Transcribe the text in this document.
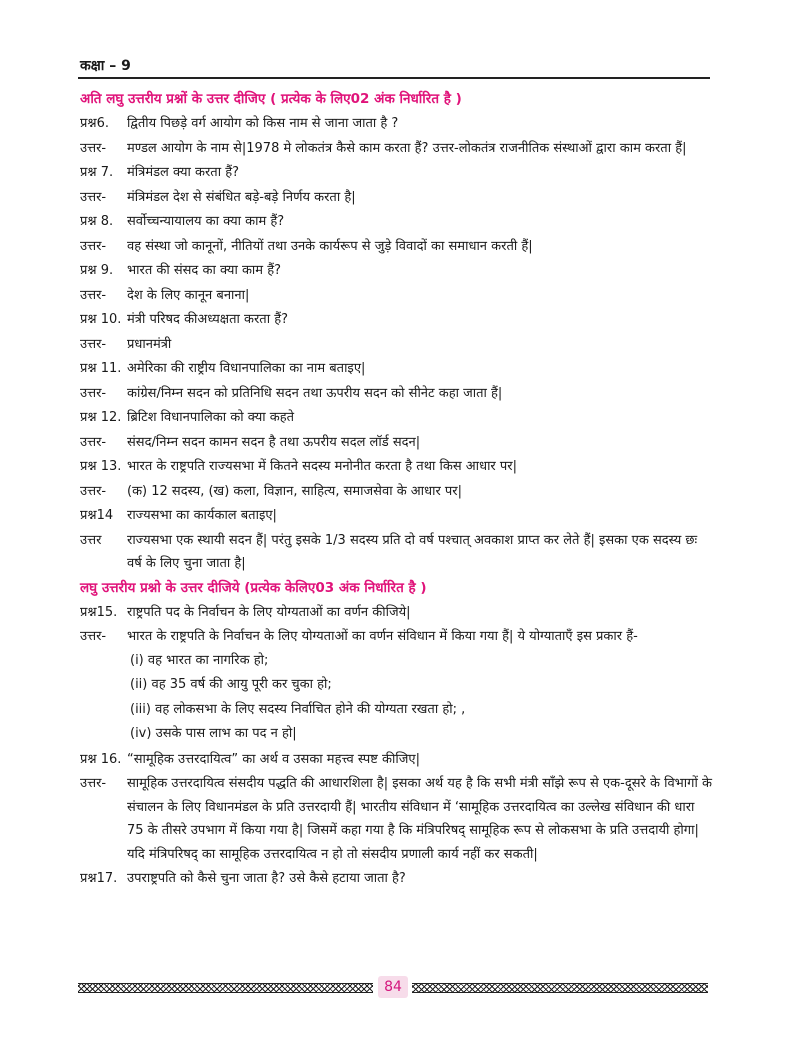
कक्षा – 9
अति लघु उत्तरीय प्रश्नों के उत्तर दीजिए ( प्रत्येक के लिए02 अंक निर्धारित है )
प्रश्न6.	द्वितीय पिछड़े वर्ग आयोग को किस नाम से जाना जाता है ?
उत्तर-	मण्डल आयोग के नाम से|1978 मे लोकतंत्र कैसे काम करता हैं? उत्तर-लोकतंत्र राजनीतिक संस्थाओं द्वारा काम करता हैं|
प्रश्न 7.	मंत्रिमंडल क्या करता हैं?
उत्तर-	मंत्रिमंडल देश से संबंधित बड़े-बड़े निर्णय करता है|
प्रश्न 8.	सर्वोच्चन्यायालय का क्या काम हैं?
उत्तर-	वह संस्था जो कानूनों, नीतियों तथा उनके कार्यरूप से जुड़े विवादों का समाधान करती हैं|
प्रश्न 9.	भारत की संसद का क्या काम हैं?
उत्तर-	देश के लिए कानून बनाना|
प्रश्न 10. मंत्री परिषद कीअध्यक्षता करता हैं?
उत्तर-	प्रधानमंत्री
प्रश्न 11. अमेरिका की राष्ट्रीय विधानपालिका का नाम बताइए|
उत्तर-	कांग्रेस/निम्न सदन को प्रतिनिधि सदन तथा ऊपरीय सदन को सीनेट कहा जाता हैं|
प्रश्न 12. ब्रिटिश विधानपालिका को क्या कहते
उत्तर-	संसद/निम्न सदन कामन सदन है तथा ऊपरीय सदल लॉर्ड सदन|
प्रश्न 13. भारत के राष्ट्रपति राज्यसभा में कितने सदस्य मनोनीत करता है तथा किस आधार पर|
उत्तर-	(क) 12 सदस्य, (ख) कला, विज्ञान, साहित्य, समाजसेवा के आधार पर|
प्रश्न14	राज्यसभा का कार्यकाल बताइए|
उत्तर	राज्यसभा एक स्थायी सदन हैं| परंतु इसके 1/3 सदस्य प्रति दो वर्ष पश्चात् अवकाश प्राप्त कर लेते हैं| इसका एक सदस्य छः वर्ष के लिए चुना जाता है|
लघु उत्तरीय प्रश्नो के उत्तर दीजिये (प्रत्येक केलिए03 अंक निर्धारित है )
प्रश्न15. राष्ट्रपति पद के निर्वाचन के लिए योग्यताओं का वर्णन कीजिये|
उत्तर-	भारत के राष्ट्रपति के निर्वाचन के लिए योग्यताओं का वर्णन संविधान में किया गया हैं| ये योग्याताएँ इस प्रकार हैं-
(i) वह भारत का नागरिक हो;
(ii) वह 35 वर्ष की आयु पूरी कर चुका हो;
(iii) वह लोकसभा के लिए सदस्य निर्वाचित होने की योग्यता रखता हो; ,
(iv) उसके पास लाभ का पद न हो|
प्रश्न 16. “सामूहिक उत्तरदायित्व” का अर्थ व उसका महत्त्व स्पष्ट कीजिए|
उत्तर-	सामूहिक उत्तरदायित्व संसदीय पद्धति की आधारशिला है| इसका अर्थ यह है कि सभी मंत्री साँझे रूप से एक-दूसरे के विभागों के संचालन के लिए विधानमंडल के प्रति उत्तरदायी हैं| भारतीय संविधान में ‘सामूहिक उत्तरदायित्व का उल्लेख संविधान की धारा 75 के तीसरे उपभाग में किया गया है| जिसमें कहा गया है कि मंत्रिपरिषद् सामूहिक रूप से लोकसभा के प्रति उत्तदायी होगा| यदि मंत्रिपरिषद् का सामूहिक उत्तरदायित्व न हो तो संसदीय प्रणाली कार्य नहीं कर सकती|
प्रश्न17. उपराष्ट्रपति को कैसे चुना जाता है? उसे कैसे हटाया जाता है?
84
